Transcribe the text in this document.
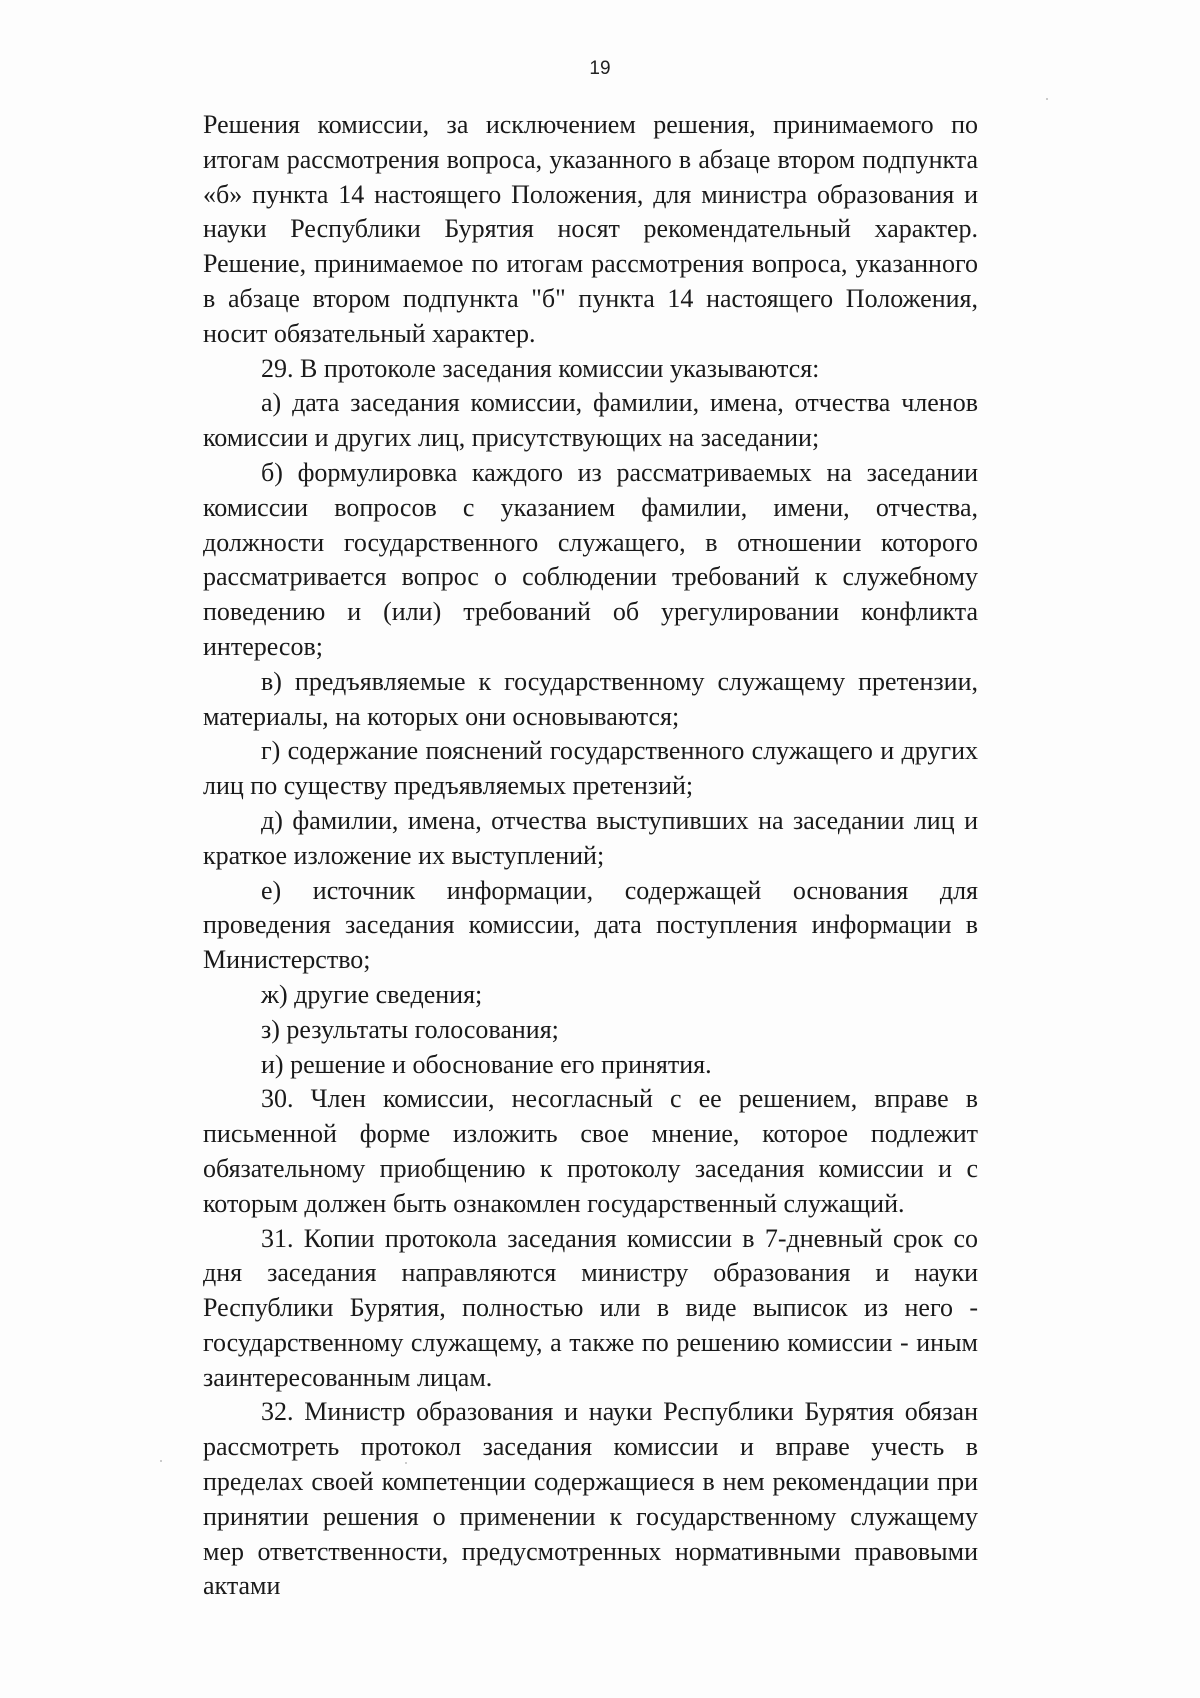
19

Решения комиссии, за исключением решения, принимаемого по итогам рассмотрения вопроса, указанного в абзаце втором подпункта «б» пункта 14 настоящего Положения, для министра образования и науки Республики Бурятия носят рекомендательный характер. Решение, принимаемое по итогам рассмотрения вопроса, указанного в абзаце втором подпункта "б" пункта 14 настоящего Положения, носит обязательный характер.

29. В протоколе заседания комиссии указываются:

а) дата заседания комиссии, фамилии, имена, отчества членов комиссии и других лиц, присутствующих на заседании;

б) формулировка каждого из рассматриваемых на заседании комиссии вопросов с указанием фамилии, имени, отчества, должности государственного служащего, в отношении которого рассматривается вопрос о соблюдении требований к служебному поведению и (или) требований об урегулировании конфликта интересов;

в) предъявляемые к государственному служащему претензии, материалы, на которых они основываются;

г) содержание пояснений государственного служащего и других лиц по существу предъявляемых претензий;

д) фамилии, имена, отчества выступивших на заседании лиц и краткое изложение их выступлений;

е) источник информации, содержащей основания для проведения заседания комиссии, дата поступления информации в Министерство;

ж) другие сведения;

з) результаты голосования;

и) решение и обоснование его принятия.

30. Член комиссии, несогласный с ее решением, вправе в письменной форме изложить свое мнение, которое подлежит обязательному приобщению к протоколу заседания комиссии и с которым должен быть ознакомлен государственный служащий.

31. Копии протокола заседания комиссии в 7-дневный срок со дня заседания направляются министру образования и науки Республики Бурятия, полностью или в виде выписок из него - государственному служащему, а также по решению комиссии - иным заинтересованным лицам.

32. Министр образования и науки Республики Бурятия обязан рассмотреть протокол заседания комиссии и вправе учесть в пределах своей компетенции содержащиеся в нем рекомендации при принятии решения о применении к государственному служащему мер ответственности, предусмотренных нормативными правовыми актами
